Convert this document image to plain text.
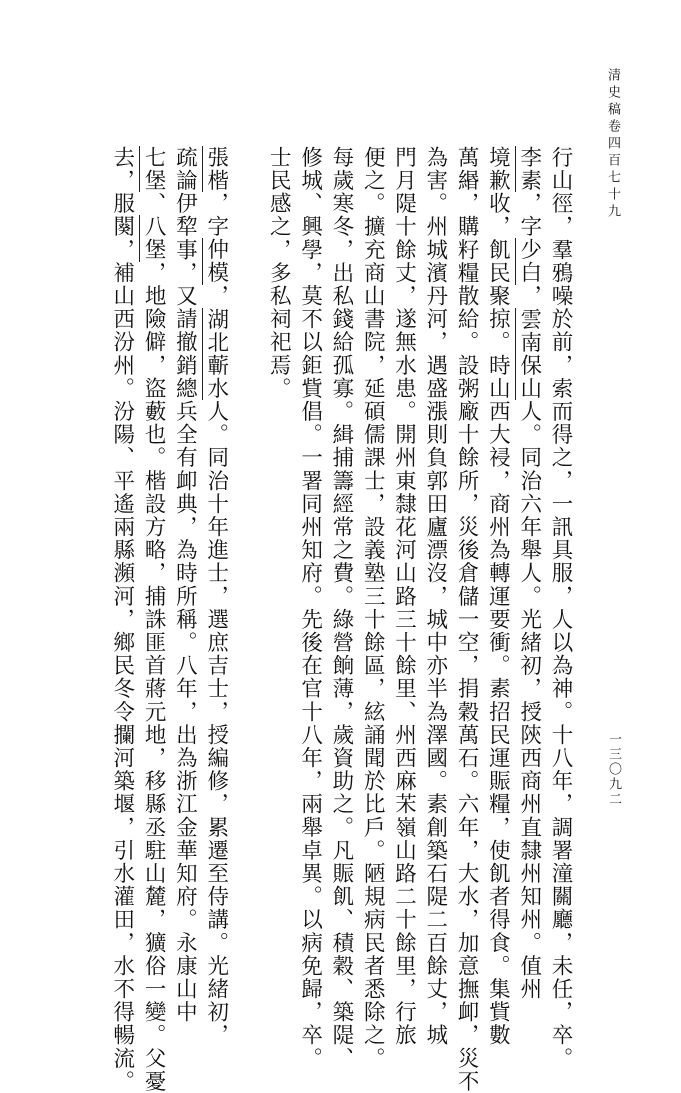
清史稿卷四百七十九
一三〇九二
行山徑，羣鴉噪於前，索而得之，一訊具服，人以為神。十八年，調署潼關廳，未任，卒。
李素，字少白，雲南保山人。同治六年舉人。光緒初，授陝西商州直隸州知州。值州
境歉收，飢民聚掠。時山西大祲，商州為轉運要衝。素招民運賑糧，使飢者得食。集貲數
萬緡，購籽糧散給。設粥廠十餘所，災後倉儲一空，捐穀萬石。六年，大水，加意撫卹，災不
為害。州城濱丹河，遇盛漲則負郭田廬漂沒，城中亦半為澤國。素創築石隄二百餘丈，城
門月隄十餘丈，遂無水患。開州東隸花河山路三十餘里、州西麻㭉嶺山路二十餘里，行旅
便之。擴充商山書院，延碩儒課士，設義塾三十餘區，絃誦聞於比戶。陋規病民者悉除之。
每歲寒冬，出私錢給孤寡。緝捕籌經常之費。綠營餉薄，歲資助之。凡賑飢、積穀、築隄、
修城、興學，莫不以鉅貲倡。一署同州知府。先後在官十八年，兩舉卓異。以病免歸，卒。
士民感之，多私祠祀焉。
張楷，字仲模，湖北蘄水人。同治十年進士，選庶吉士，授編修，累遷至侍講。光緒初，
疏論伊犂事，又請撤銷總兵全有卹典，為時所稱。八年，出為浙江金華知府。永康山中
七堡、八堡，地險僻，盜藪也。楷設方略，捕誅匪首蔣元地，移縣丞駐山麓，獷俗一變。父憂
去，服闋，補山西汾州。汾陽、平遙兩縣瀕河，鄉民冬令攔河築堰，引水灌田，水不得暢流。
